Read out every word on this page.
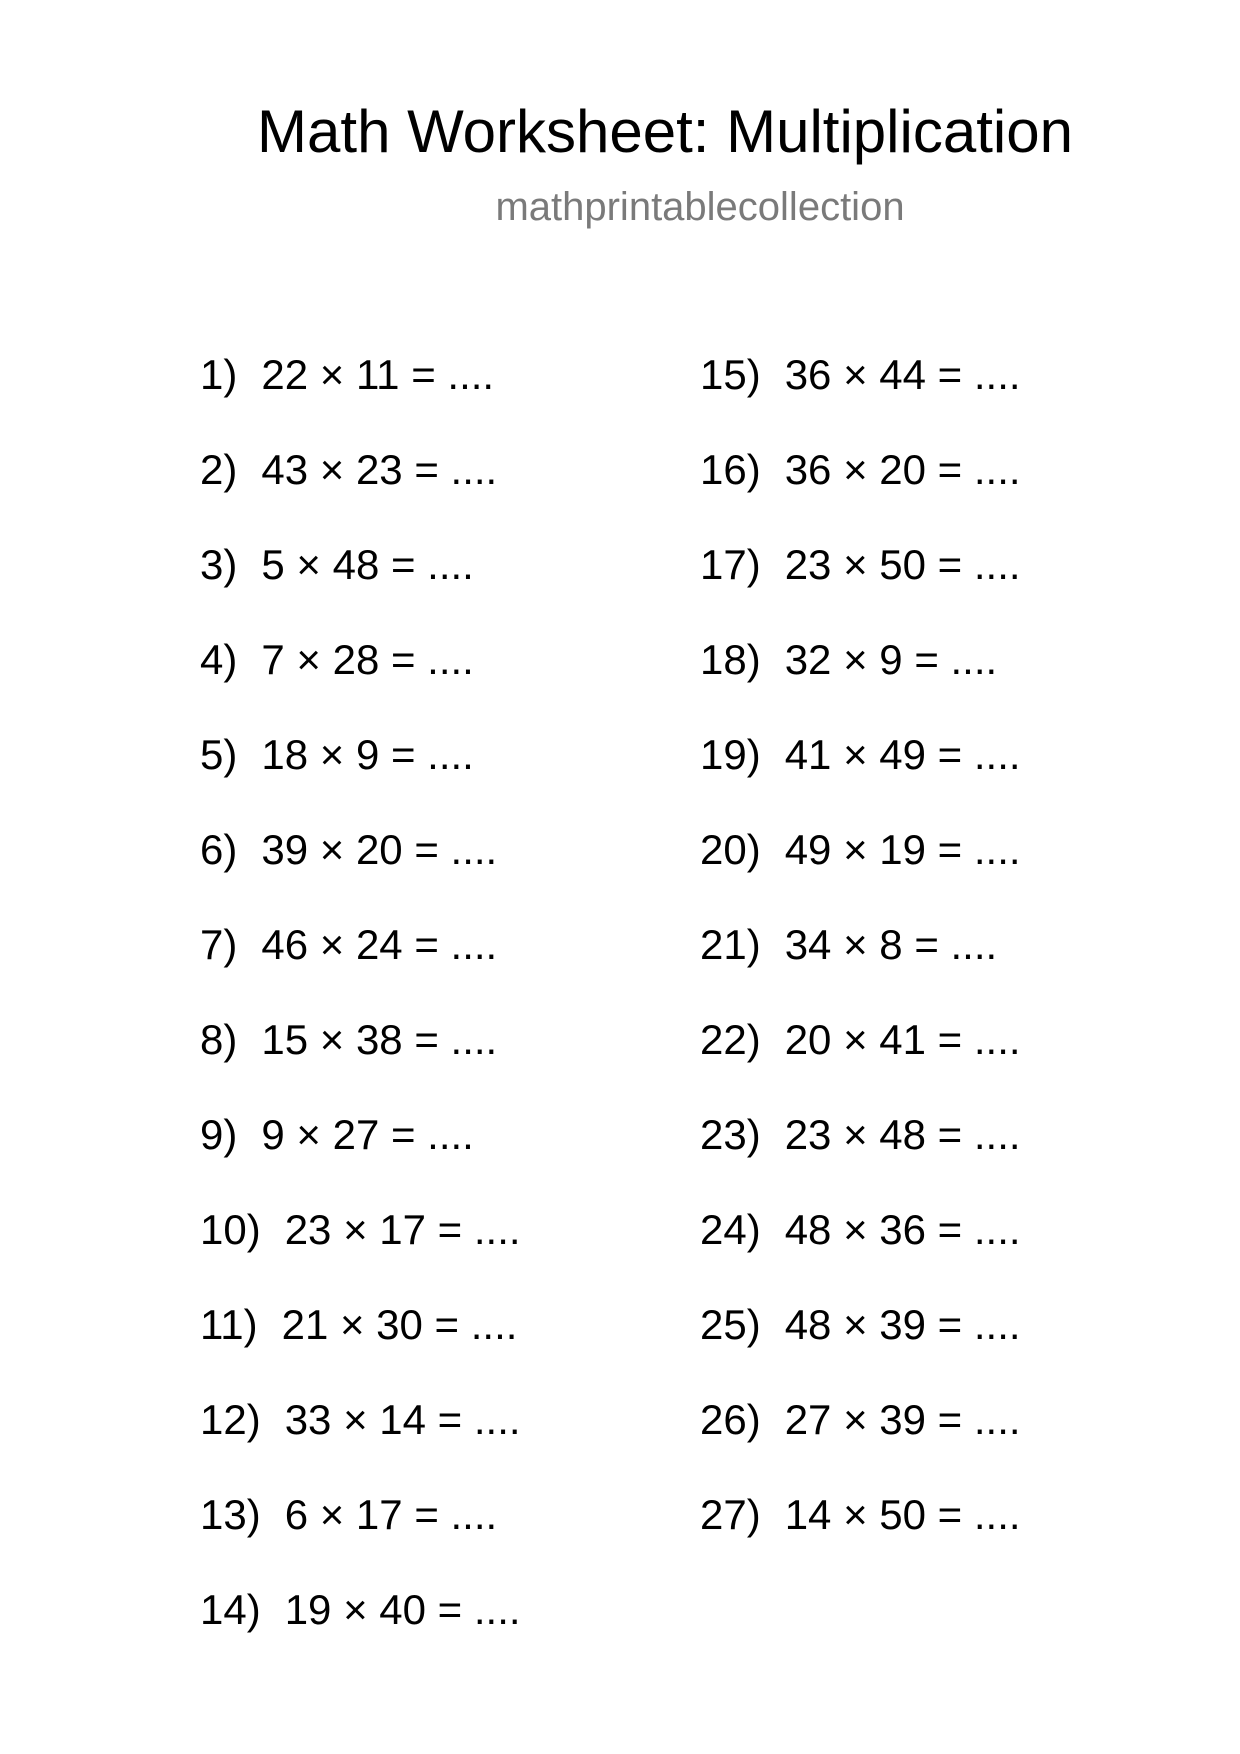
Math Worksheet: Multiplication
mathprintablecollection
1) 22 × 11 = ....
2) 43 × 23 = ....
3) 5 × 48 = ....
4) 7 × 28 = ....
5) 18 × 9 = ....
6) 39 × 20 = ....
7) 46 × 24 = ....
8) 15 × 38 = ....
9) 9 × 27 = ....
10) 23 × 17 = ....
11) 21 × 30 = ....
12) 33 × 14 = ....
13) 6 × 17 = ....
14) 19 × 40 = ....
15) 36 × 44 = ....
16) 36 × 20 = ....
17) 23 × 50 = ....
18) 32 × 9 = ....
19) 41 × 49 = ....
20) 49 × 19 = ....
21) 34 × 8 = ....
22) 20 × 41 = ....
23) 23 × 48 = ....
24) 48 × 36 = ....
25) 48 × 39 = ....
26) 27 × 39 = ....
27) 14 × 50 = ....
